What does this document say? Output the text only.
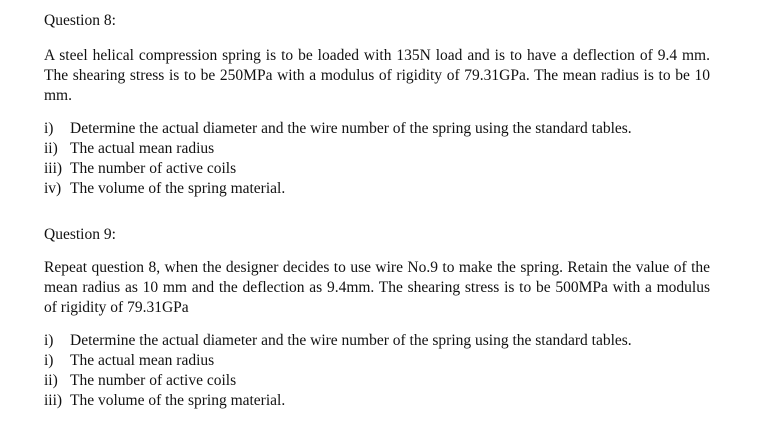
Question 8:
A steel helical compression spring is to be loaded with 135N load and is to have a deflection of 9.4 mm. The shearing stress is to be 250MPa with a modulus of rigidity of 79.31GPa. The mean radius is to be 10 mm.
i) Determine the actual diameter and the wire number of the spring using the standard tables.
ii) The actual mean radius
iii) The number of active coils
iv) The volume of the spring material.
Question 9:
Repeat question 8, when the designer decides to use wire No.9 to make the spring. Retain the value of the mean radius as 10 mm and the deflection as 9.4mm. The shearing stress is to be 500MPa with a modulus of rigidity of 79.31GPa
i) Determine the actual diameter and the wire number of the spring using the standard tables.
i) The actual mean radius
ii) The number of active coils
iii) The volume of the spring material.
